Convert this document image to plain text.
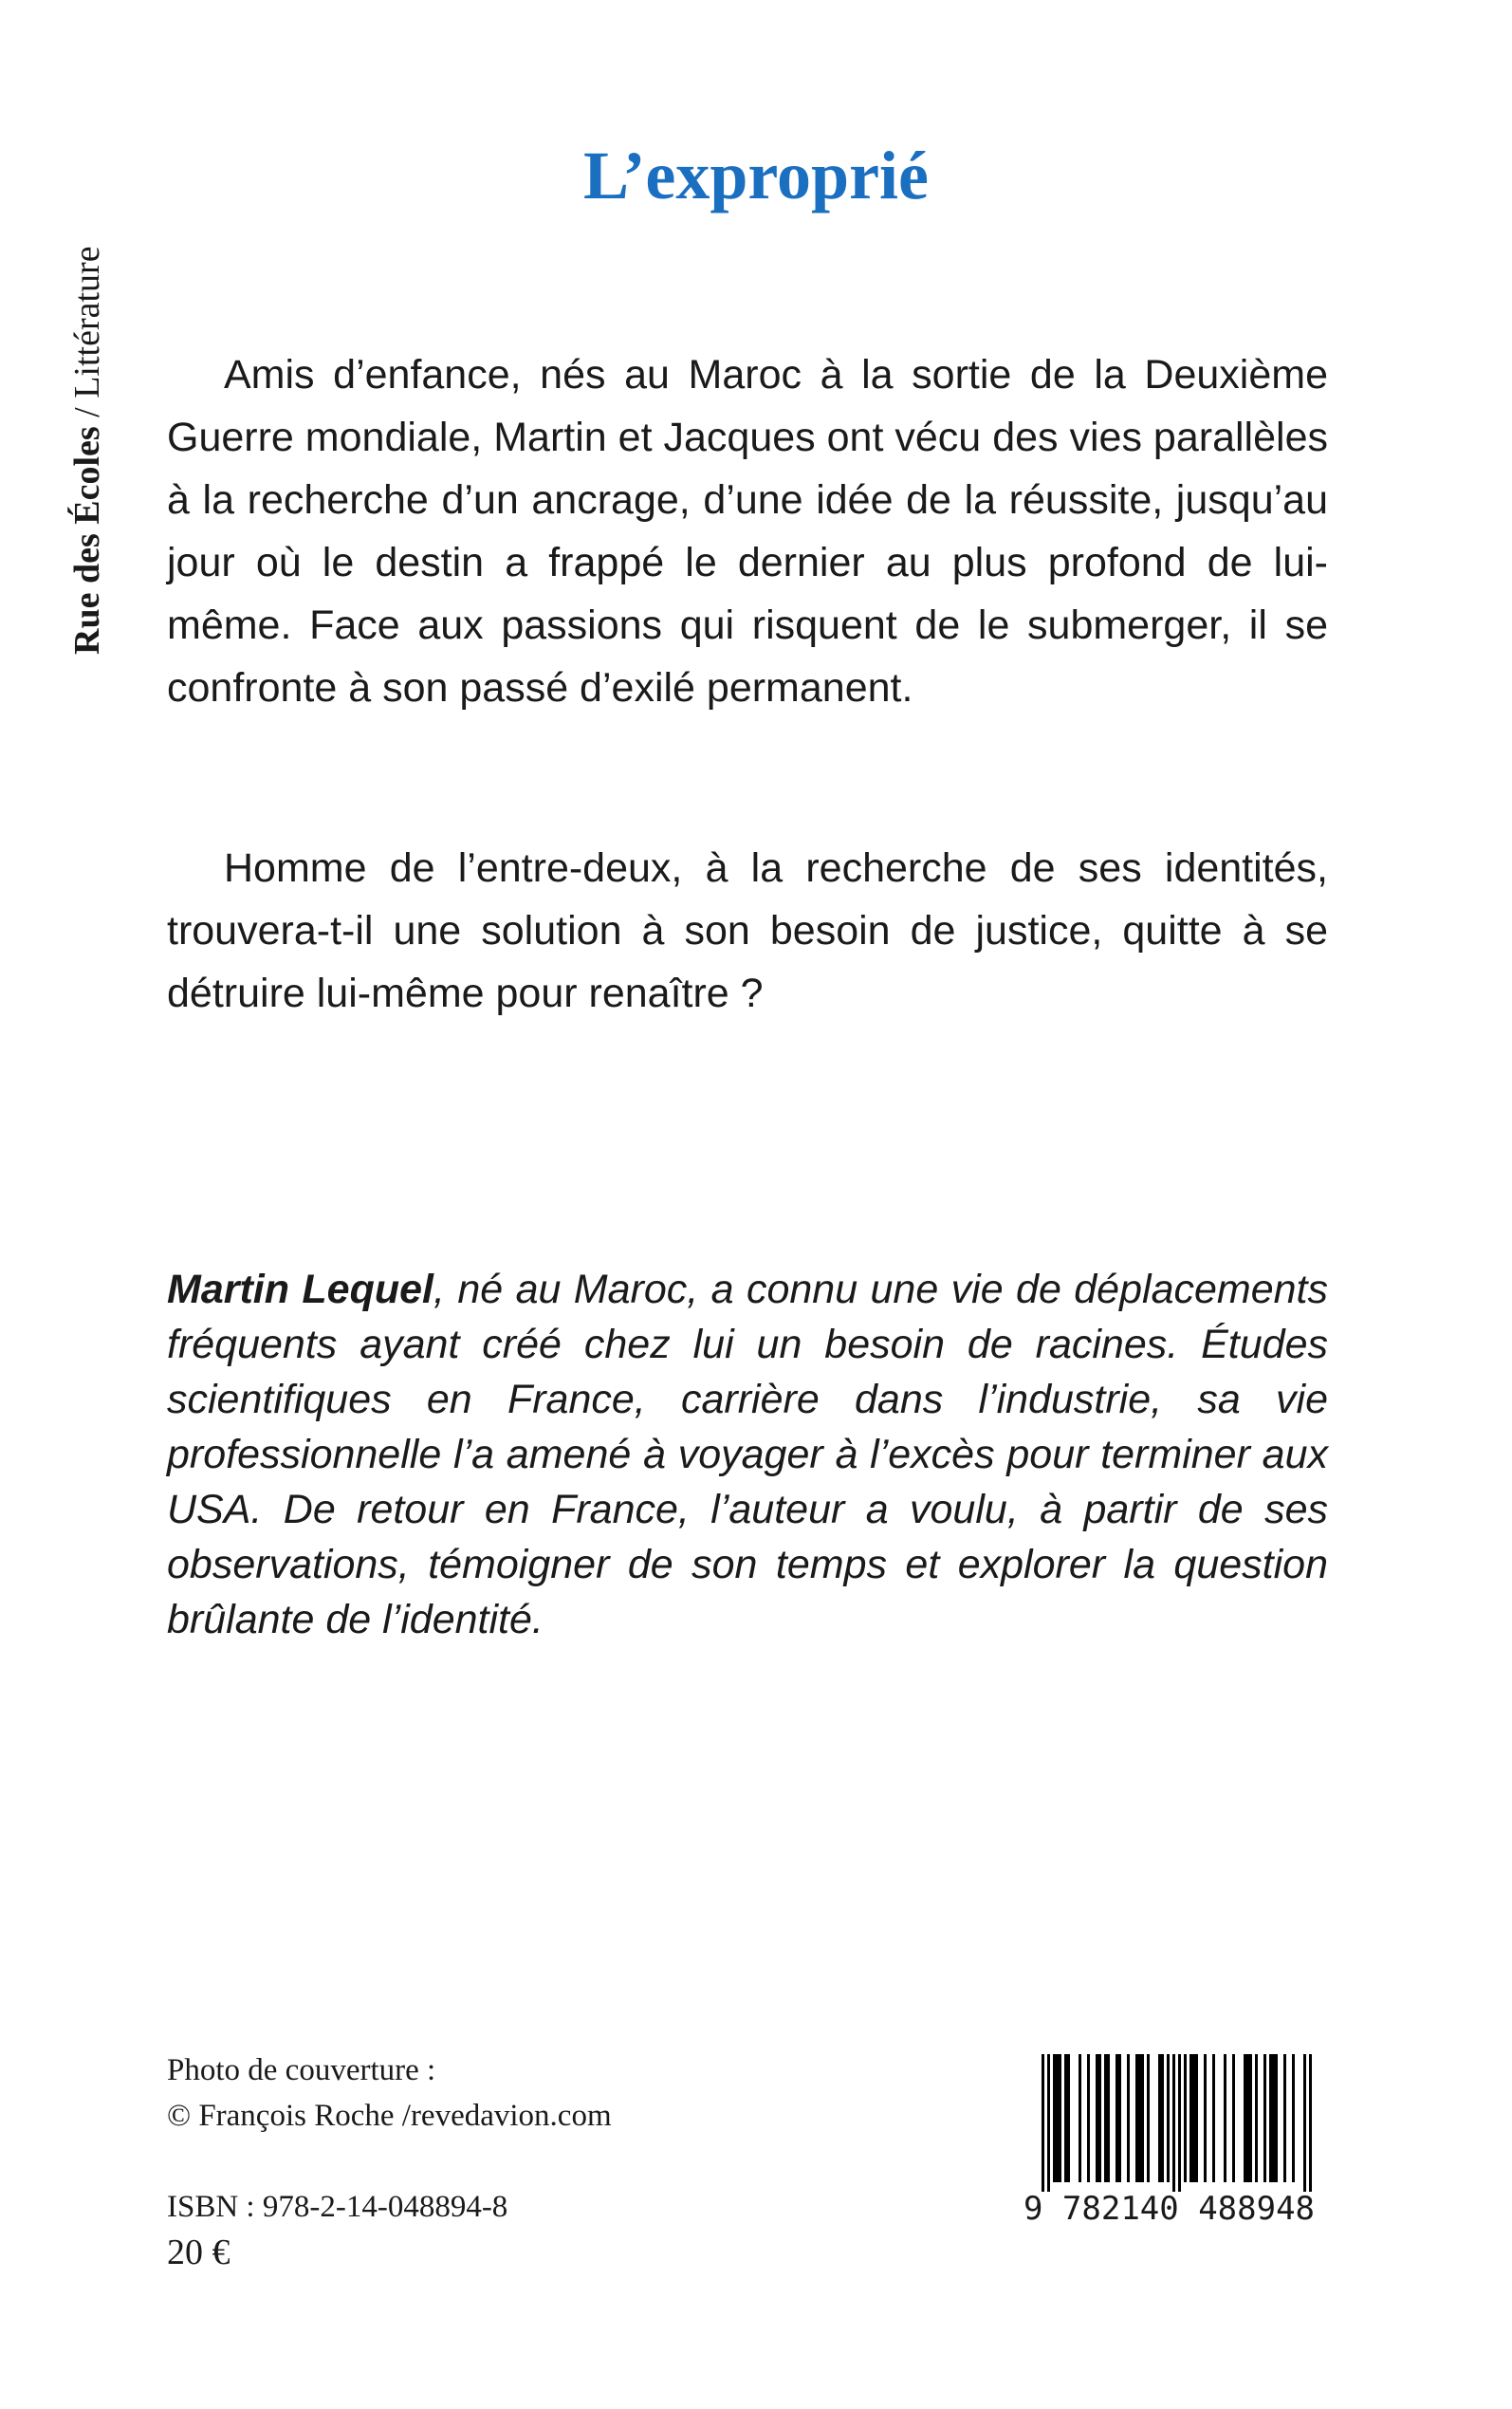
Rue des Écoles / Littérature
L’exproprié

Amis d’enfance, nés au Maroc à la sortie de la Deuxième Guerre mondiale, Martin et Jacques ont vécu des vies parallèles à la recherche d’un ancrage, d’une idée de la réussite, jusqu’au jour où le destin a frappé le dernier au plus profond de lui-même. Face aux passions qui risquent de le submerger, il se confronte à son passé d’exilé permanent.

Homme de l’entre-deux, à la recherche de ses identités, trouvera-t-il une solution à son besoin de justice, quitte à se détruire lui-même pour renaître ?

Martin Lequel, né au Maroc, a connu une vie de déplacements fréquents ayant créé chez lui un besoin de racines. Études scientifiques en France, carrière dans l’industrie, sa vie professionnelle l’a amené à voyager à l’excès pour terminer aux USA. De retour en France, l’auteur a voulu, à partir de ses observations, témoigner de son temps et explorer la question brûlante de l’identité.

Photo de couverture :
© François Roche /revedavion.com
ISBN : 978-2-14-048894-8
20 €
9 782140 488948
